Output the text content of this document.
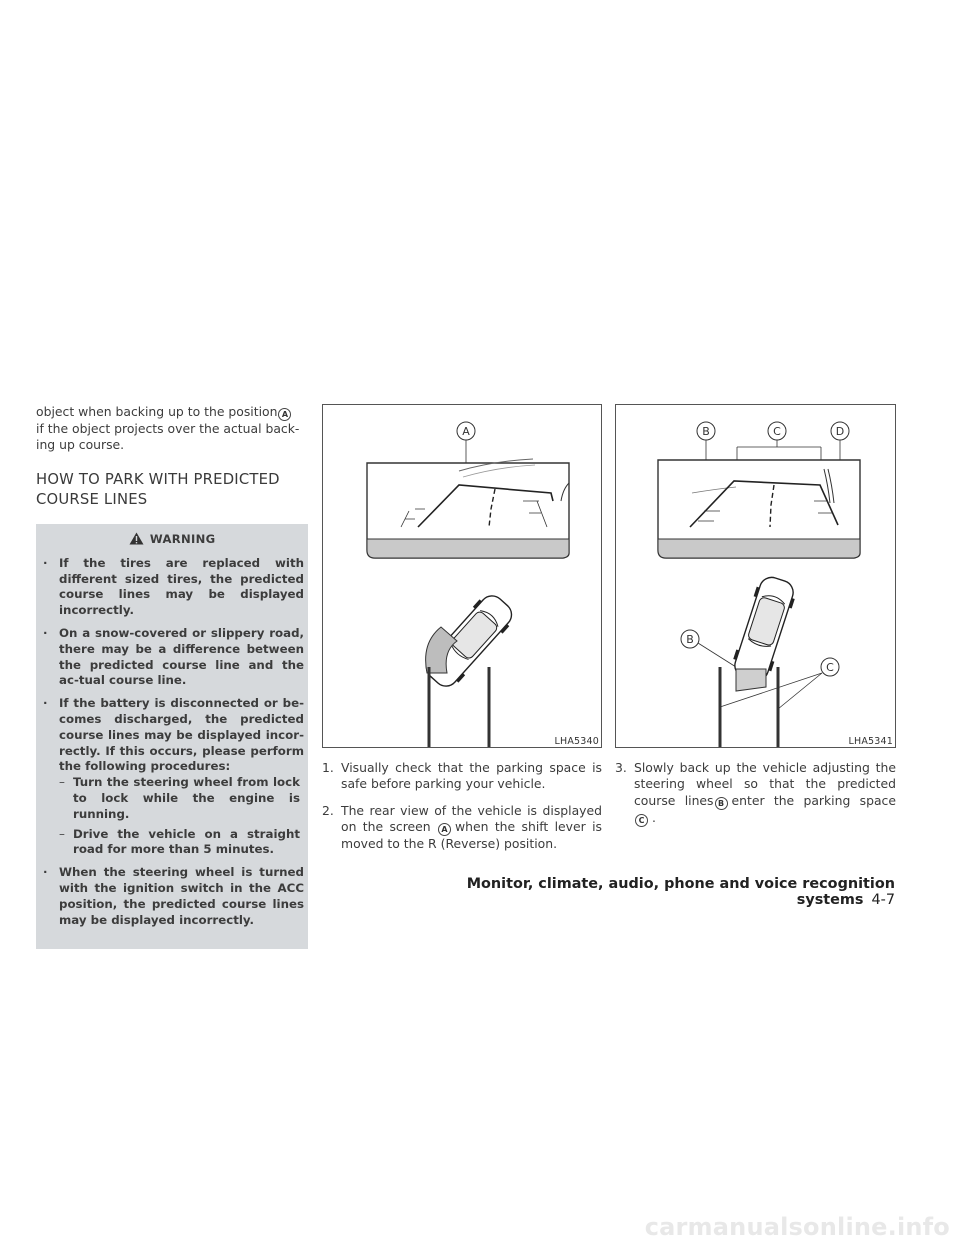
object when backing up to the position A
if the object projects over the actual back-ing up course.

HOW TO PARK WITH PREDICTED COURSE LINES
WARNING
· If the tires are replaced with different sized tires, the predicted course lines may be displayed incorrectly.
· On a snow-covered or slippery road, there may be a difference between the predicted course line and the ac-tual course line.
· If the battery is disconnected or be-comes discharged, the predicted course lines may be displayed incor-rectly. If this occurs, please perform the following procedures:
– Turn the steering wheel from lock to lock while the engine is running.
– Drive the vehicle on a straight road for more than 5 minutes.
· When the steering wheel is turned with the ignition switch in the ACC position, the predicted course lines may be displayed incorrectly.
A
LHA5340

1. Visually check that the parking space is safe before parking your vehicle.

2. The rear view of the vehicle is displayed on the screen A when the shift lever is moved to the R (Reverse) position.

B	C	D
B
C
LHA5341

3. Slowly back up the vehicle adjusting the steering wheel so that the predicted course lines B enter the parking space C .

Monitor, climate, audio, phone and voice recognition systems 4-7
carmanualsonline.info
